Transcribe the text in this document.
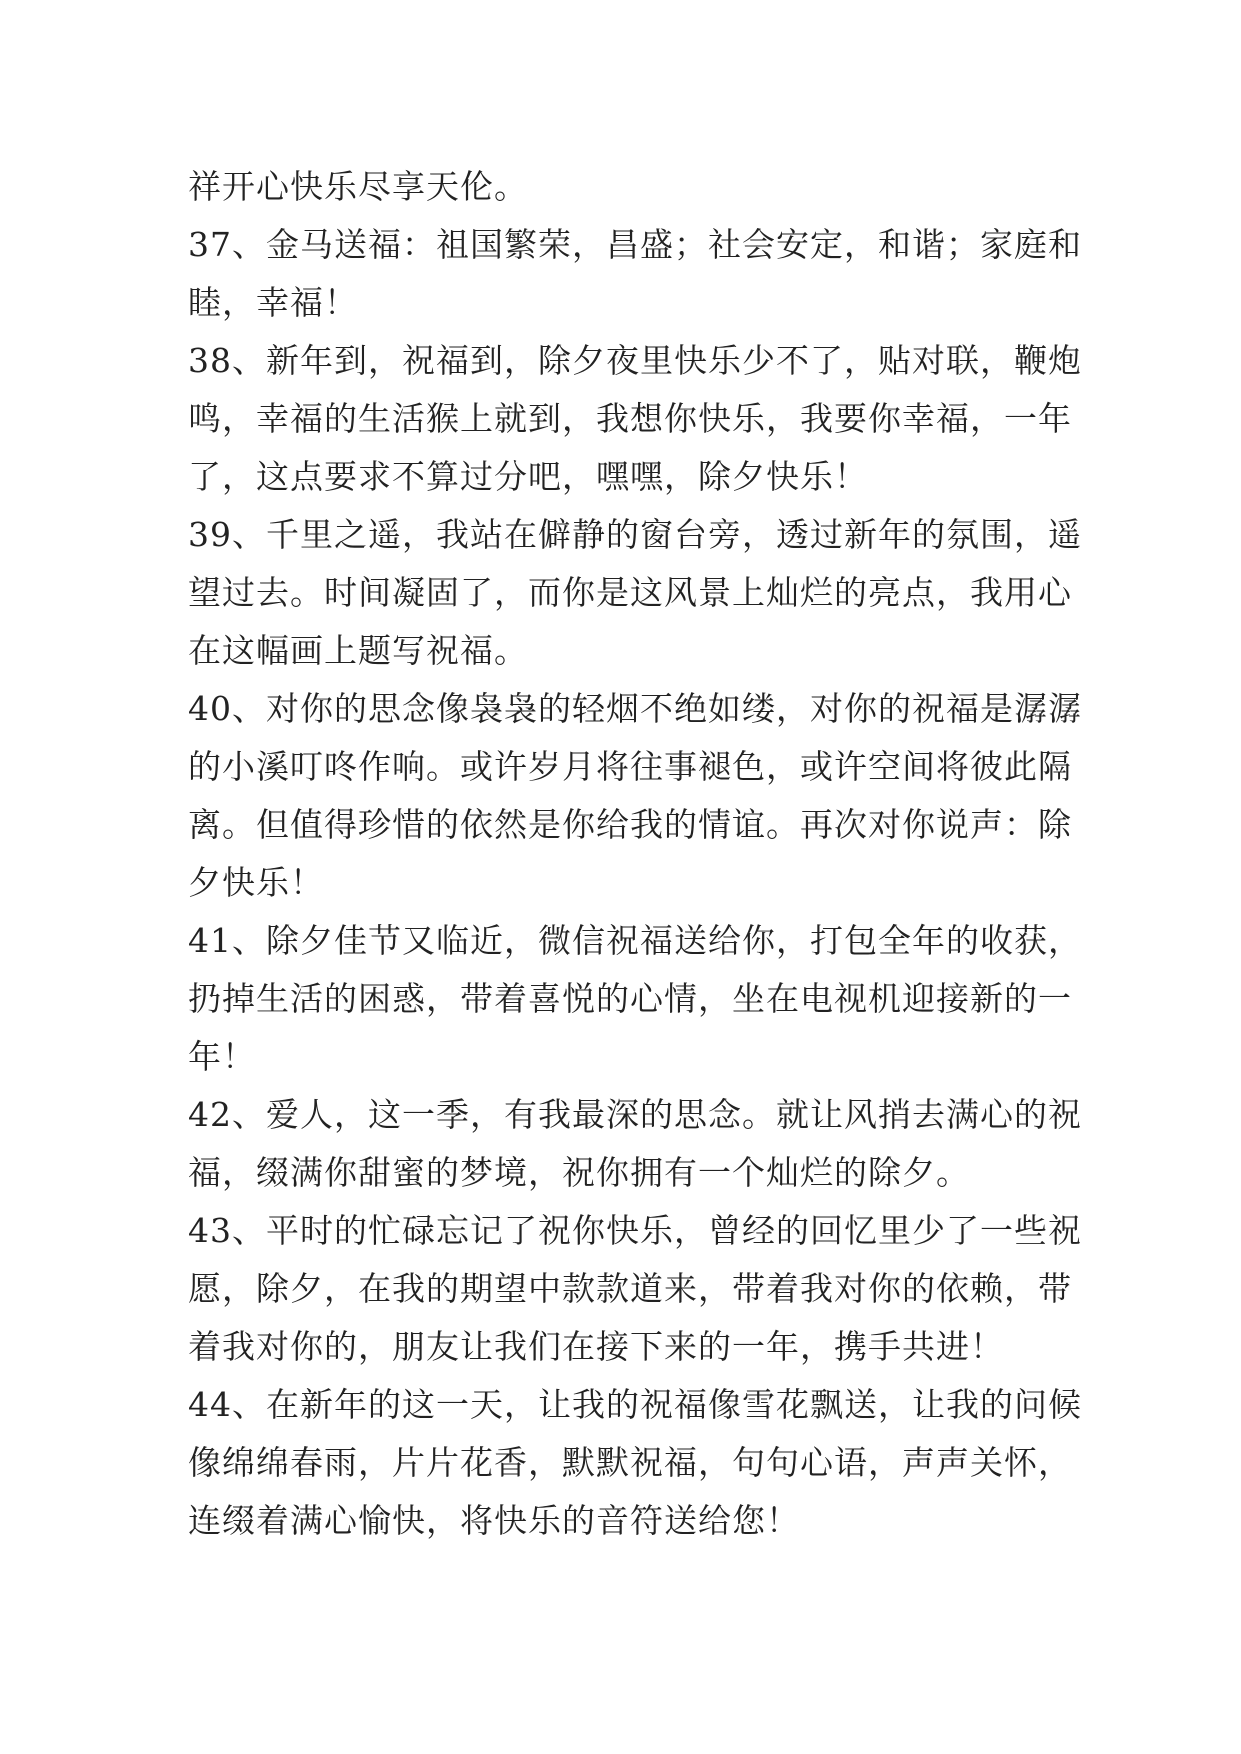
祥开心快乐尽享天伦。
37、金马送福：祖国繁荣，昌盛；社会安定，和谐；家庭和
睦，幸福！
38、新年到，祝福到，除夕夜里快乐少不了，贴对联，鞭炮
鸣，幸福的生活猴上就到，我想你快乐，我要你幸福，一年
了，这点要求不算过分吧，嘿嘿，除夕快乐！
39、千里之遥，我站在僻静的窗台旁，透过新年的氛围，遥
望过去。时间凝固了，而你是这风景上灿烂的亮点，我用心
在这幅画上题写祝福。
40、对你的思念像袅袅的轻烟不绝如缕，对你的祝福是潺潺
的小溪叮咚作响。或许岁月将往事褪色，或许空间将彼此隔
离。但值得珍惜的依然是你给我的情谊。再次对你说声：除
夕快乐！
41、除夕佳节又临近，微信祝福送给你，打包全年的收获，
扔掉生活的困惑，带着喜悦的心情，坐在电视机迎接新的一
年！
42、爱人，这一季，有我最深的思念。就让风捎去满心的祝
福，缀满你甜蜜的梦境，祝你拥有一个灿烂的除夕。
43、平时的忙碌忘记了祝你快乐，曾经的回忆里少了一些祝
愿，除夕，在我的期望中款款道来，带着我对你的依赖，带
着我对你的，朋友让我们在接下来的一年，携手共进！
44、在新年的这一天，让我的祝福像雪花飘送，让我的问候
像绵绵春雨，片片花香，默默祝福，句句心语，声声关怀，
连缀着满心愉快，将快乐的音符送给您！
